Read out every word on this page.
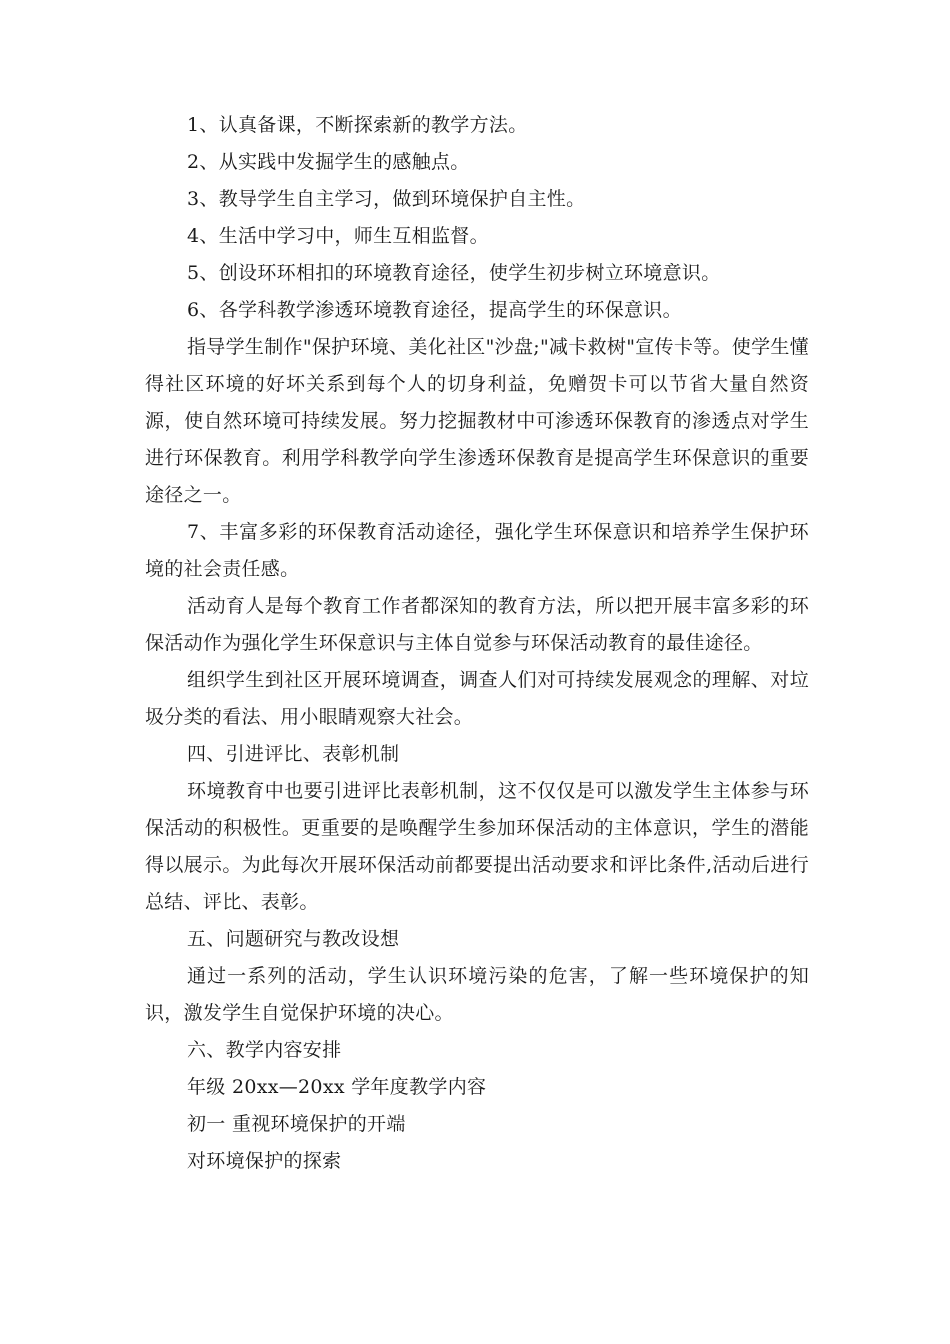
1、认真备课，不断探索新的教学方法。

2、从实践中发掘学生的感触点。

3、教导学生自主学习，做到环境保护自主性。

4、生活中学习中，师生互相监督。

5、创设环环相扣的环境教育途径，使学生初步树立环境意识。

6、各学科教学渗透环境教育途径，提高学生的环保意识。

指导学生制作"保护环境、美化社区"沙盘;"减卡救树"宣传卡等。使学生懂得社区环境的好坏关系到每个人的切身利益，免赠贺卡可以节省大量自然资源，使自然环境可持续发展。努力挖掘教材中可渗透环保教育的渗透点对学生进行环保教育。利用学科教学向学生渗透环保教育是提高学生环保意识的重要途径之一。

7、丰富多彩的环保教育活动途径，强化学生环保意识和培养学生保护环境的社会责任感。

活动育人是每个教育工作者都深知的教育方法，所以把开展丰富多彩的环保活动作为强化学生环保意识与主体自觉参与环保活动教育的最佳途径。

组织学生到社区开展环境调查，调查人们对可持续发展观念的理解、对垃圾分类的看法、用小眼睛观察大社会。

四、引进评比、表彰机制

环境教育中也要引进评比表彰机制，这不仅仅是可以激发学生主体参与环保活动的积极性。更重要的是唤醒学生参加环保活动的主体意识，学生的潜能得以展示。为此每次开展环保活动前都要提出活动要求和评比条件,活动后进行总结、评比、表彰。

五、问题研究与教改设想

通过一系列的活动，学生认识环境污染的危害，了解一些环境保护的知识，激发学生自觉保护环境的决心。

六、教学内容安排

年级 20xx—20xx 学年度教学内容

初一 重视环境保护的开端

对环境保护的探索
